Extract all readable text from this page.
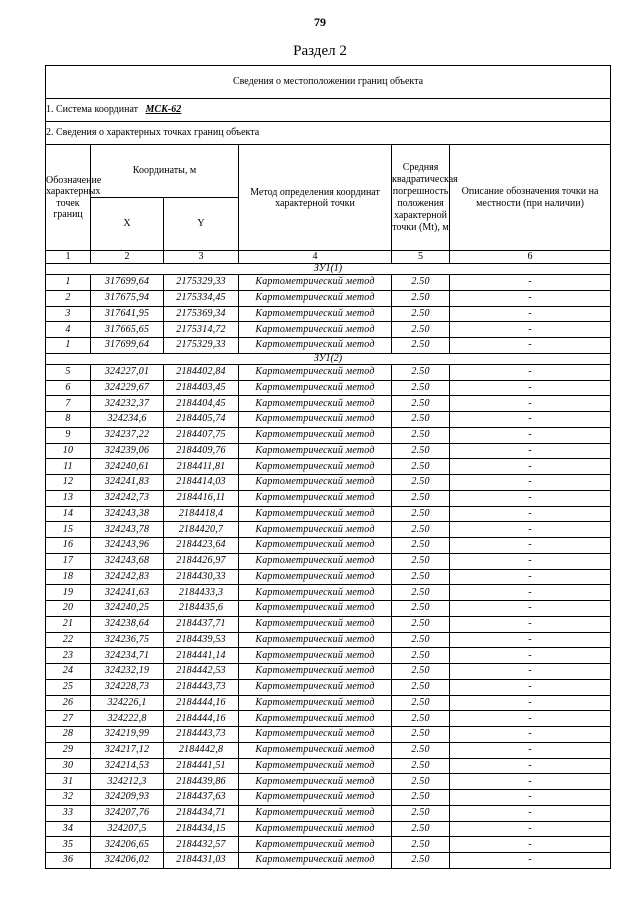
79
Раздел 2
Сведения о местоположении границ объекта					
1. Система координат МСК-62					
2. Сведения о характерных точках границ объекта					
Обозначение характерных точек границ	Координаты, м		Метод определения координат характерной точки	Средняя квадратическая погрешность положения характерной точки (Mt), м	Описание обозначения точки на местности (при наличии)
	X	Y			
1	2	3	4	5	6
ЗУ1(1)					
1	317699,64	2175329,33	Картометрический метод	2.50	-
2	317675,94	2175334,45	Картометрический метод	2.50	-
3	317641,95	2175369,34	Картометрический метод	2.50	-
4	317665,65	2175314,72	Картометрический метод	2.50	-
1	317699,64	2175329,33	Картометрический метод	2.50	-
ЗУ1(2)					
5	324227,01	2184402,84	Картометрический метод	2.50	-
6	324229,67	2184403,45	Картометрический метод	2.50	-
7	324232,37	2184404,45	Картометрический метод	2.50	-
8	324234,6	2184405,74	Картометрический метод	2.50	-
9	324237,22	2184407,75	Картометрический метод	2.50	-
10	324239,06	2184409,76	Картометрический метод	2.50	-
11	324240,61	2184411,81	Картометрический метод	2.50	-
12	324241,83	2184414,03	Картометрический метод	2.50	-
13	324242,73	2184416,11	Картометрический метод	2.50	-
14	324243,38	2184418,4	Картометрический метод	2.50	-
15	324243,78	2184420,7	Картометрический метод	2.50	-
16	324243,96	2184423,64	Картометрический метод	2.50	-
17	324243,68	2184426,97	Картометрический метод	2.50	-
18	324242,83	2184430,33	Картометрический метод	2.50	-
19	324241,63	2184433,3	Картометрический метод	2.50	-
20	324240,25	2184435,6	Картометрический метод	2.50	-
21	324238,64	2184437,71	Картометрический метод	2.50	-
22	324236,75	2184439,53	Картометрический метод	2.50	-
23	324234,71	2184441,14	Картометрический метод	2.50	-
24	324232,19	2184442,53	Картометрический метод	2.50	-
25	324228,73	2184443,73	Картометрический метод	2.50	-
26	324226,1	2184444,16	Картометрический метод	2.50	-
27	324222,8	2184444,16	Картометрический метод	2.50	-
28	324219,99	2184443,73	Картометрический метод	2.50	-
29	324217,12	2184442,8	Картометрический метод	2.50	-
30	324214,53	2184441,51	Картометрический метод	2.50	-
31	324212,3	2184439,86	Картометрический метод	2.50	-
32	324209,93	2184437,63	Картометрический метод	2.50	-
33	324207,76	2184434,71	Картометрический метод	2.50	-
34	324207,5	2184434,15	Картометрический метод	2.50	-
35	324206,65	2184432,57	Картометрический метод	2.50	-
36	324206,02	2184431,03	Картометрический метод	2.50	-
